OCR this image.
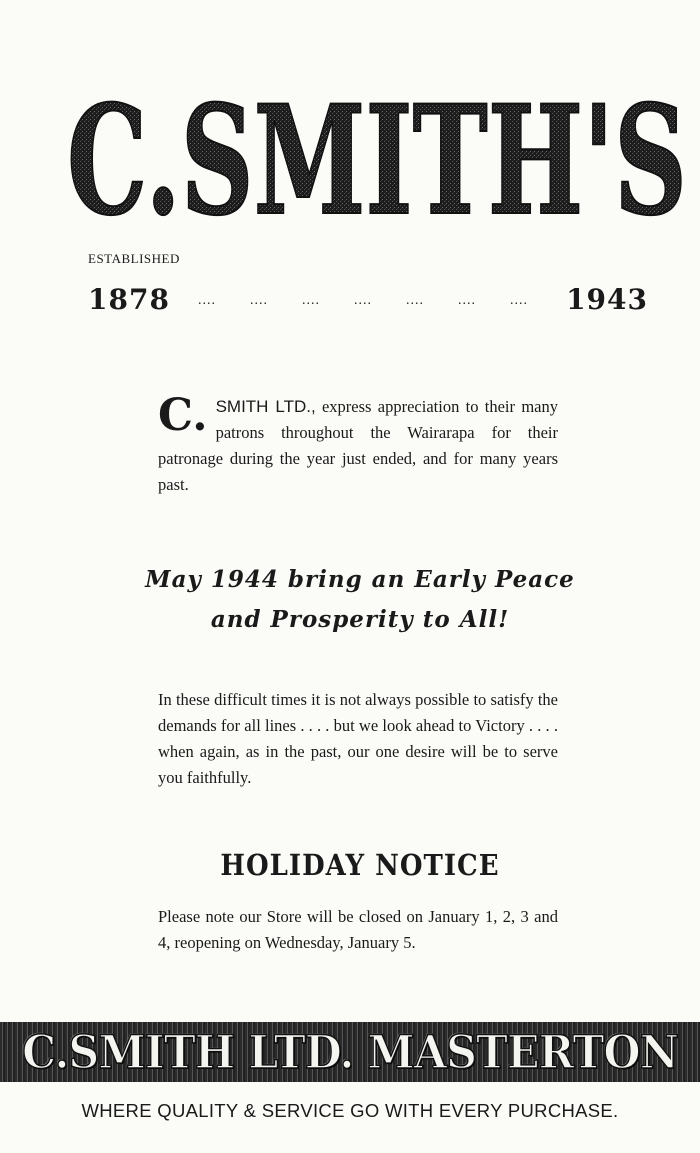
C.SMITH'S
ESTABLISHED
1878 .... .... .... .... .... .... .... 1943
C. SMITH LTD., express appreciation to their many patrons throughout the Wairarapa for their patronage during the year just ended, and for many years past.
May 1944 bring an Early Peace
and Prosperity to All!
In these difficult times it is not always possible to satisfy the demands for all lines . . . . but we look ahead to Victory . . . . when again, as in the past, our one desire will be to serve you faithfully.
HOLIDAY NOTICE
Please note our Store will be closed on January 1, 2, 3 and 4, reopening on Wednesday, January 5.
C.SMITH LTD. MASTERTON
WHERE QUALITY & SERVICE GO WITH EVERY PURCHASE.
